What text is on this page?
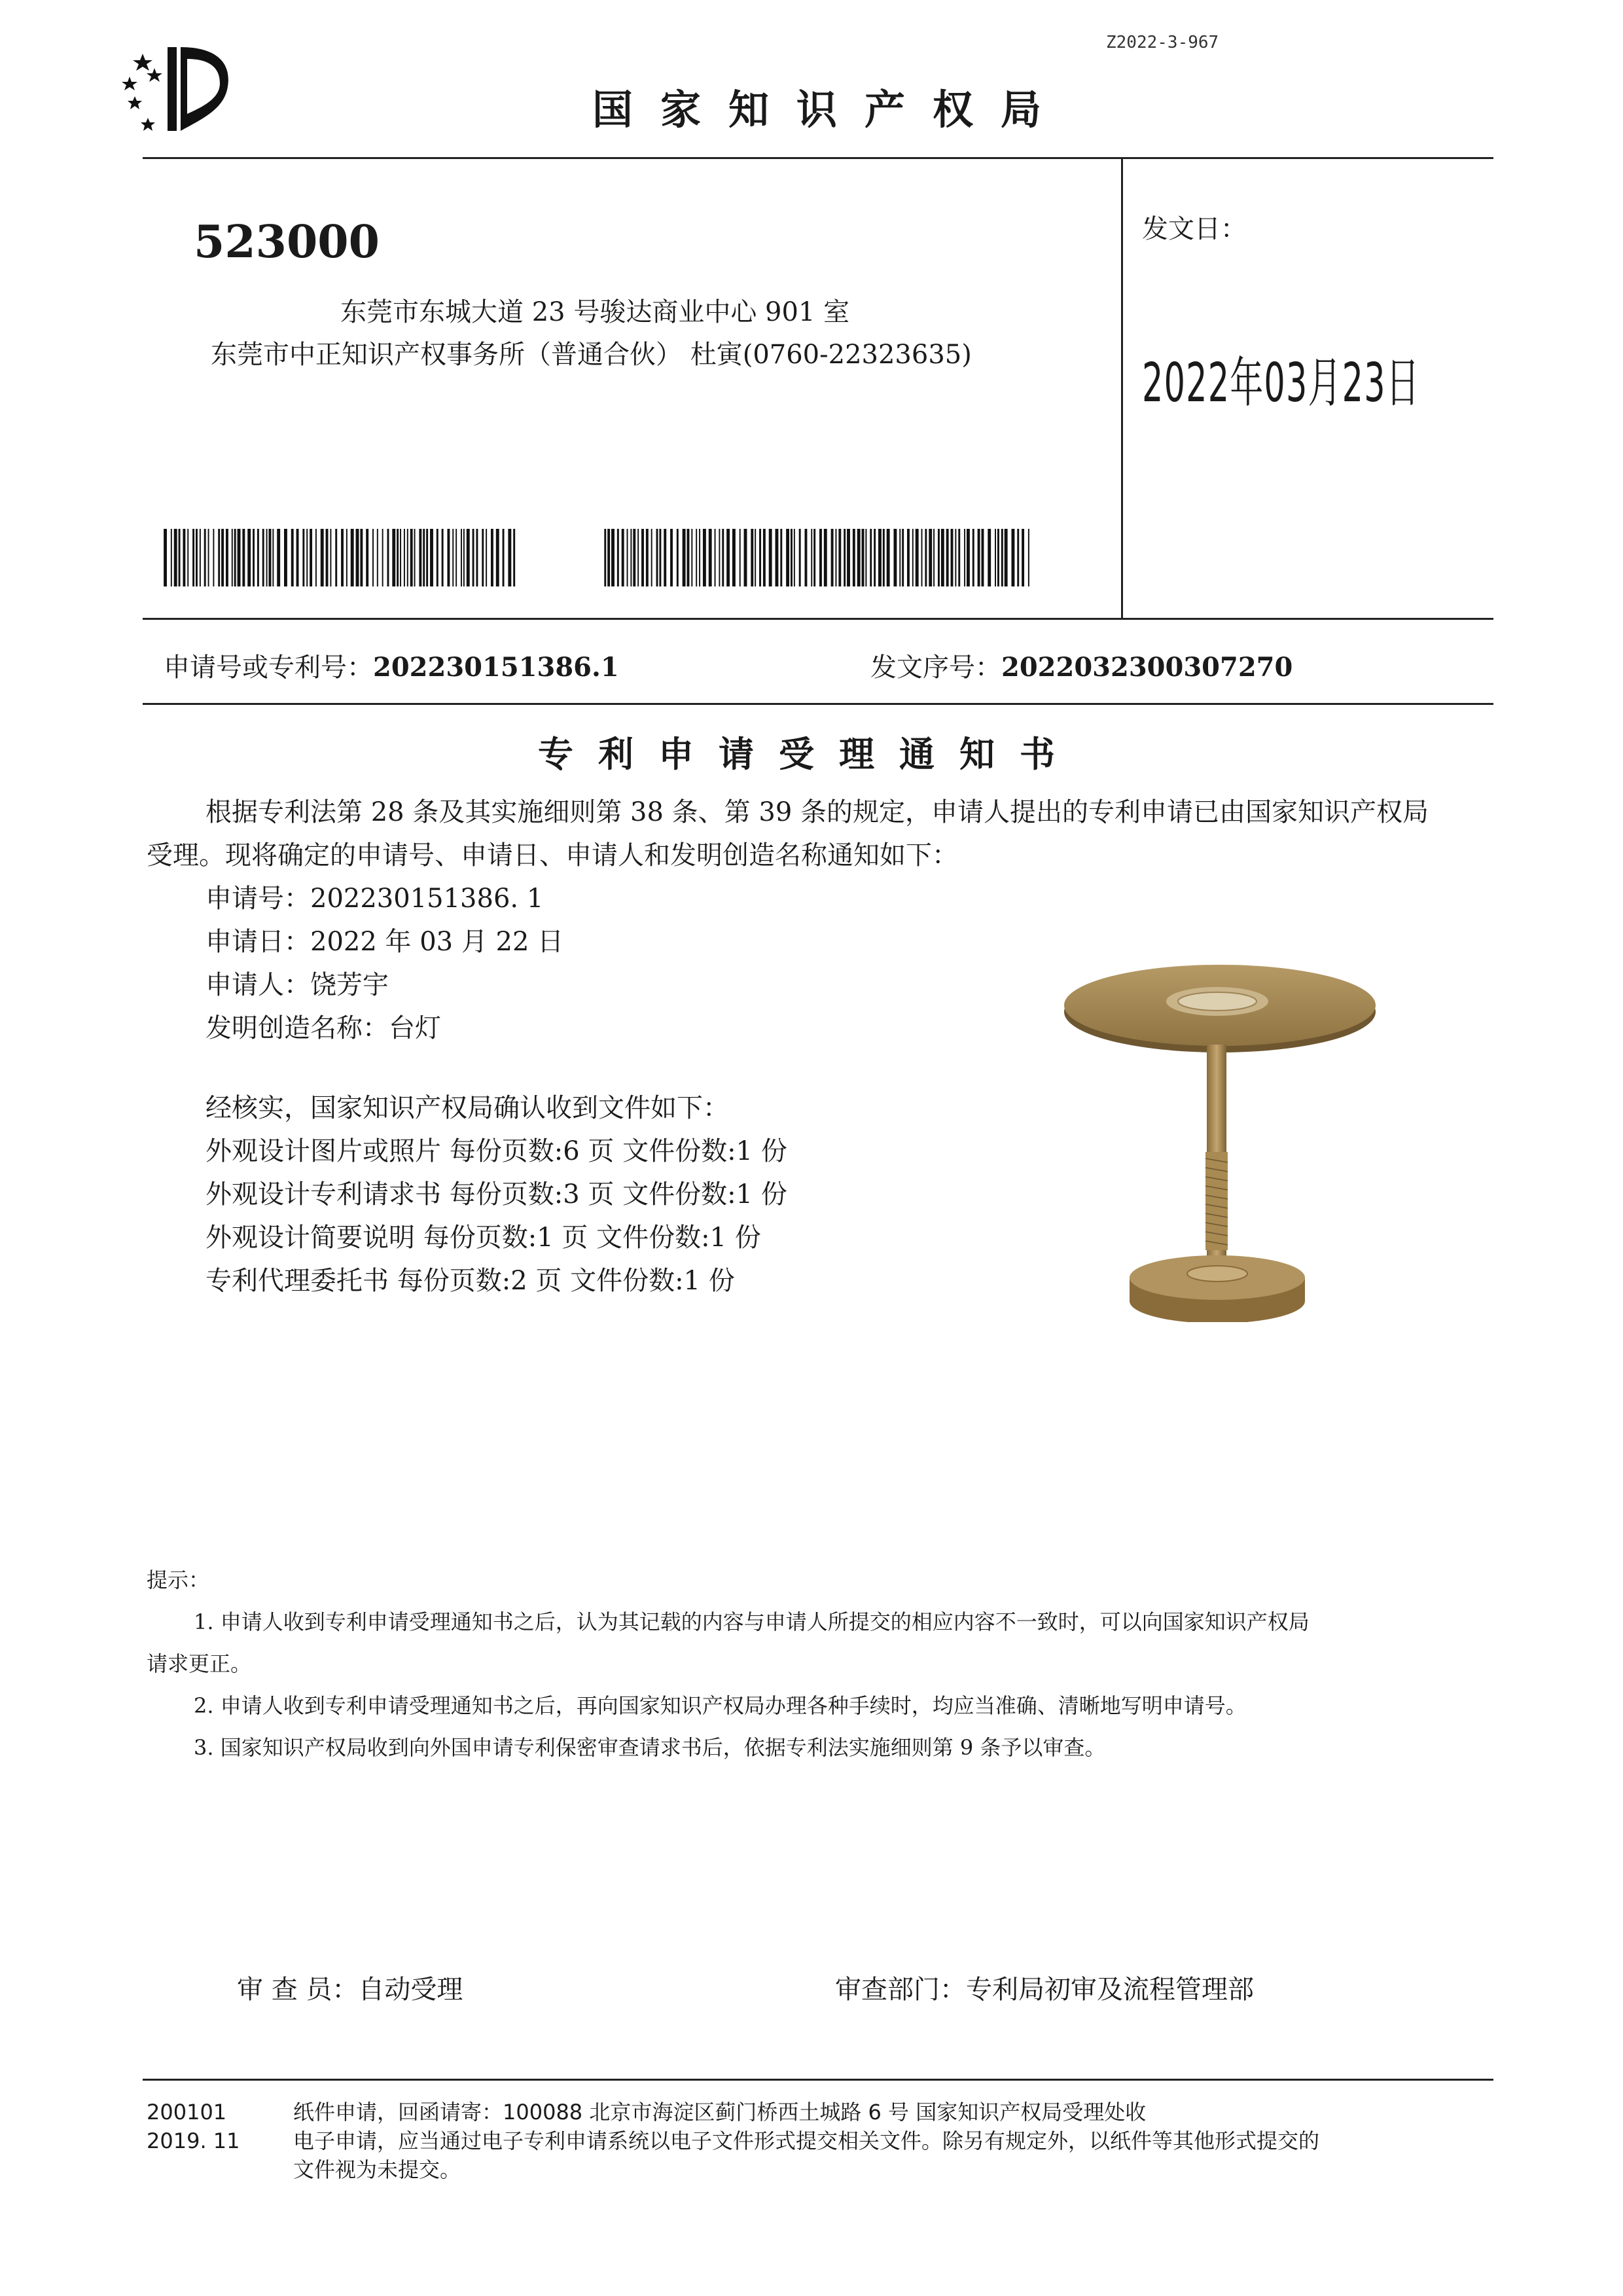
Z2022-3-967
国家知识产权局
523000
东莞市东城大道 23 号骏达商业中心 901 室
东莞市中正知识产权事务所（普通合伙） 杜寅(0760-22323635)
发文日：
2022年03月23日
申请号或专利号：202230151386.1	发文序号：2022032300307270
专利申请受理通知书
根据专利法第 28 条及其实施细则第 38 条、第 39 条的规定，申请人提出的专利申请已由国家知识产权局
受理。现将确定的申请号、申请日、申请人和发明创造名称通知如下：
申请号：202230151386. 1
申请日：2022 年 03 月 22 日
申请人：饶芳宇
发明创造名称：台灯
经核实，国家知识产权局确认收到文件如下：
外观设计图片或照片 每份页数:6 页 文件份数:1 份
外观设计专利请求书 每份页数:3 页 文件份数:1 份
外观设计简要说明 每份页数:1 页 文件份数:1 份
专利代理委托书 每份页数:2 页 文件份数:1 份
提示：
1. 申请人收到专利申请受理通知书之后，认为其记载的内容与申请人所提交的相应内容不一致时，可以向国家知识产权局
请求更正。
2. 申请人收到专利申请受理通知书之后，再向国家知识产权局办理各种手续时，均应当准确、清晰地写明申请号。
3. 国家知识产权局收到向外国申请专利保密审查请求书后，依据专利法实施细则第 9 条予以审查。
审 查 员：自动受理	审查部门：专利局初审及流程管理部
200101
2019. 11
纸件申请，回函请寄：100088 北京市海淀区蓟门桥西土城路 6 号 国家知识产权局受理处收
电子申请，应当通过电子专利申请系统以电子文件形式提交相关文件。除另有规定外，以纸件等其他形式提交的
文件视为未提交。
